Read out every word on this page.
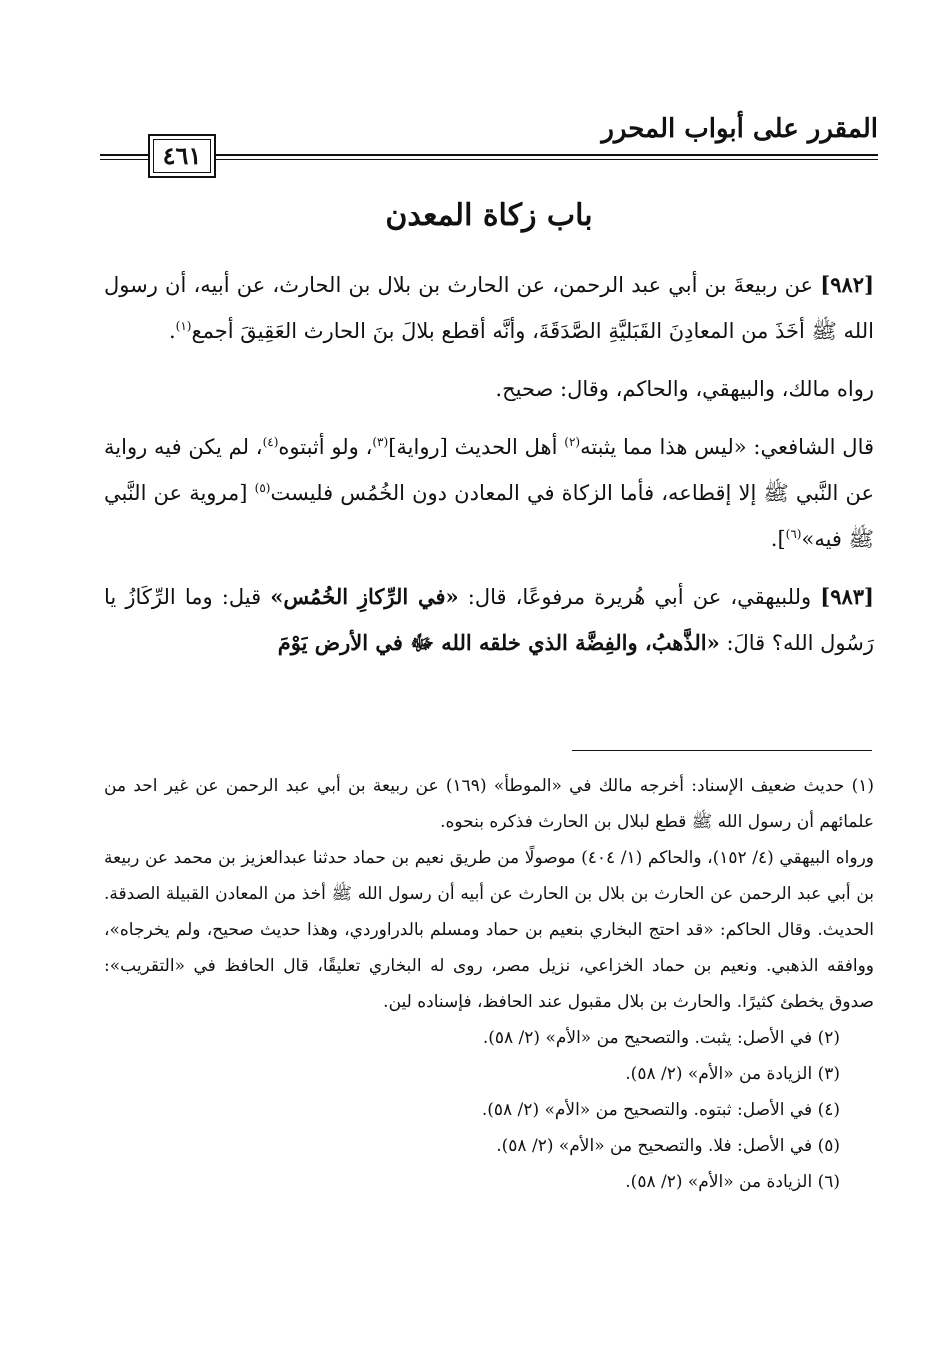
المقرر على أبواب المحرر
٤٦١
باب زكاة المعدن

[٩٨٢] عن ربيعةَ بن أبي عبد الرحمن، عن الحارث بن بلال بن الحارث، عن أبيه، أن رسول الله ﷺ أخَذَ من المعادِنَ القَبَليَّةِ الصَّدَقَةَ، وأنَّه أقطع بلالَ بنَ الحارث العَقِيقَ أجمع$^{(١)}$.

رواه مالك، والبيهقي، والحاكم، وقال: صحيح.

قال الشافعي: «ليس هذا مما يثبته$^{(٢)}$ أهل الحديث [رواية]$^{(٣)}$، ولو أثبتوه$^{(٤)}$، لم يكن فيه رواية عن النَّبي ﷺ إلا إقطاعه، فأما الزكاة في المعادن دون الخُمُس فليست$^{(٥)}$ [مروية عن النَّبي ﷺ فيه»$^{(٦)}$].

[٩٨٣] وللبيهقي، عن أبي هُريرة مرفوعًا، قال: «في الرِّكازِ الخُمُس» قيل: وما الرِّكَازُ يا رَسُول الله؟ قالَ: «الذَّهبُ، والفِضَّة الذي خلقه الله ﷻ في الأرض يَوْمَ

(١) حديث ضعيف الإسناد: أخرجه مالك في «الموطأ» (١٦٩) عن ربيعة بن أبي عبد الرحمن عن غير احد من علمائهم أن رسول الله ﷺ قطع لبلال بن الحارث فذكره بنحوه.

ورواه البيهقي (٤/ ١٥٢)، والحاكم (١/ ٤٠٤) موصولًا من طريق نعيم بن حماد حدثنا عبدالعزيز بن محمد عن ربيعة بن أبي عبد الرحمن عن الحارث بن بلال بن الحارث عن أبيه أن رسول الله ﷺ أخذ من المعادن القبيلة الصدقة. الحديث. وقال الحاكم: «قد احتج البخاري بنعيم بن حماد ومسلم بالدراوردي، وهذا حديث صحيح، ولم يخرجاه»، ووافقه الذهبي. ونعيم بن حماد الخزاعي، نزيل مصر، روى له البخاري تعليقًا، قال الحافظ في «التقريب»: صدوق يخطئ كثيرًا. والحارث بن بلال مقبول عند الحافظ، فإسناده لين.

(٢) في الأصل: يثبت. والتصحيح من «الأم» (٢/ ٥٨).

(٣) الزيادة من «الأم» (٢/ ٥٨).

(٤) في الأصل: ثبتوه. والتصحيح من «الأم» (٢/ ٥٨).

(٥) في الأصل: فلا. والتصحيح من «الأم» (٢/ ٥٨).

(٦) الزيادة من «الأم» (٢/ ٥٨).
